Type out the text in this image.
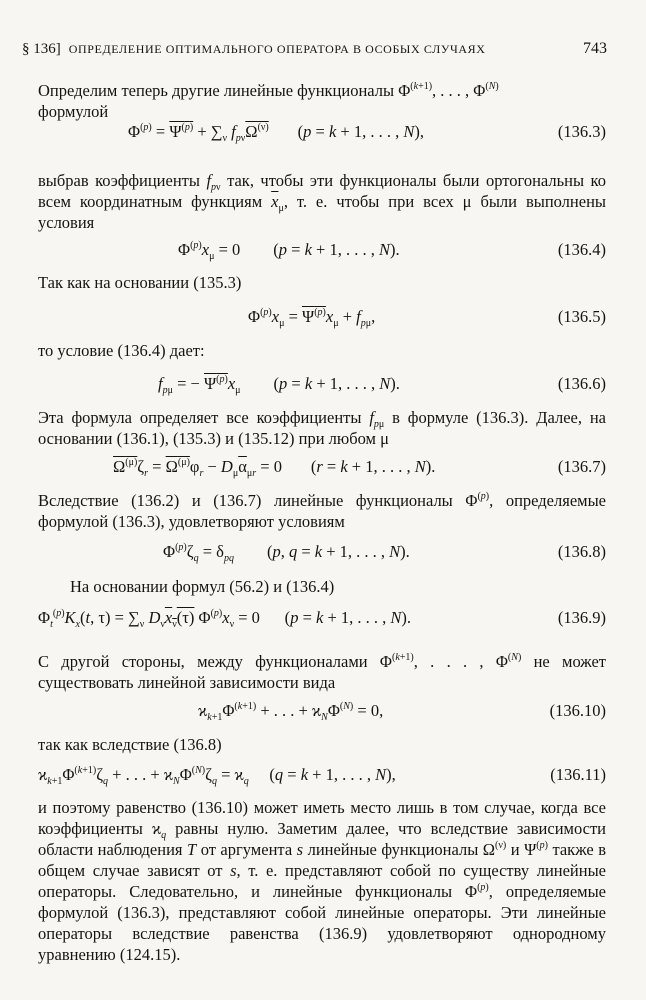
§ 136] ОПРЕДЕЛЕНИЕ ОПТИМАЛЬНОГО ОПЕРАТОРА В ОСОБЫХ СЛУЧАЯХ	743
Определим теперь другие линейные функционалы $\Phi^{(k+1)}$, . . . , $\Phi^{(N)}$
формулой
$\Phi^{(p)} = \Psi^{(p)} + \sum_\nu$ $f_{p\nu}\Omega^{(\nu)}$       (p = k + 1, . . . , N),	(136.3)
выбрав коэффициенты $f_{p\nu}$ так, чтобы эти функционалы были ортогональны ко всем координатным функциям $\overline{x}_\mu$, т. е. чтобы при всех μ были выполнены условия
$\Phi^{(p)}x_\mu = 0$        (p = k + 1, . . . , N).	(136.4)
Так как на основании (135.3)
$\Phi^{(p)}x_\mu = \Psi^{(p)}x_\mu + f_{p\mu}$,	(136.5)
то условие (136.4) дает:
$f_{p\mu}$ = − $\Psi^{(p)}x_\mu$        (p = k + 1, . . . , N).	(136.6)
Эта формула определяет все коэффициенты $f_{p\mu}$ в формуле (136.3). Далее, на основании (136.1), (135.3) и (135.12) при любом μ
$\Omega^{(\mu)}\zeta_r = \Omega^{(\mu)}\varphi_r - D_\mu\overline{\alpha}_{\mu r} = 0$       (r = k + 1, . . . , N).	(136.7)
Вследствие (136.2) и (136.7) линейные функционалы $\Phi^{(p)}$, определяемые формулой (136.3), удовлетворяют условиям
$\Phi^{(p)}\zeta_q = \delta_{pq}$        (p, q = k + 1, . . . , N).	(136.8)
На основании формул (56.2) и (136.4)
$\Phi_t^{(p)}K_x(t$, $\tau) = \sum_\nu$ $D_\nu x_\nu(\tau) \Phi^{(p)}x_\nu = 0$      (p = k + 1, . . . , N).	(136.9)
С другой стороны, между функционалами $\Phi^{(k+1)}$, . . . , $\Phi^{(N)}$ не может существовать линейной зависимости вида
$ϰ_{k+1}\Phi^{(k+1)}$ + . . . + $ϰ_N\Phi^{(N)} = 0$,	(136.10)
так как вследствие (136.8)
$ϰ_{k+1}\Phi^{(k+1)}\zeta_q$ + . . . + $ϰ_N\Phi^{(N)}\zeta_q = ϰ_q$     (q = k + 1, . . . , N),	(136.11)
и поэтому равенство (136.10) может иметь место лишь в том случае, когда все коэффициенты $ϰ_q$ равны нулю. Заметим далее, что вследствие зависимости области наблюдения T от аргумента s линейные функционалы $\Omega^{(\nu)}$ и $\Psi^{(p)}$ также в общем случае зависят от s, т. е. представляют собой по существу линейные операторы. Следовательно, и линейные функционалы $\Phi^{(p)}$, определяемые формулой (136.3), представляют собой линейные операторы. Эти линейные операторы вследствие равенства (136.9) удовлетворяют однородному уравнению (124.15).
